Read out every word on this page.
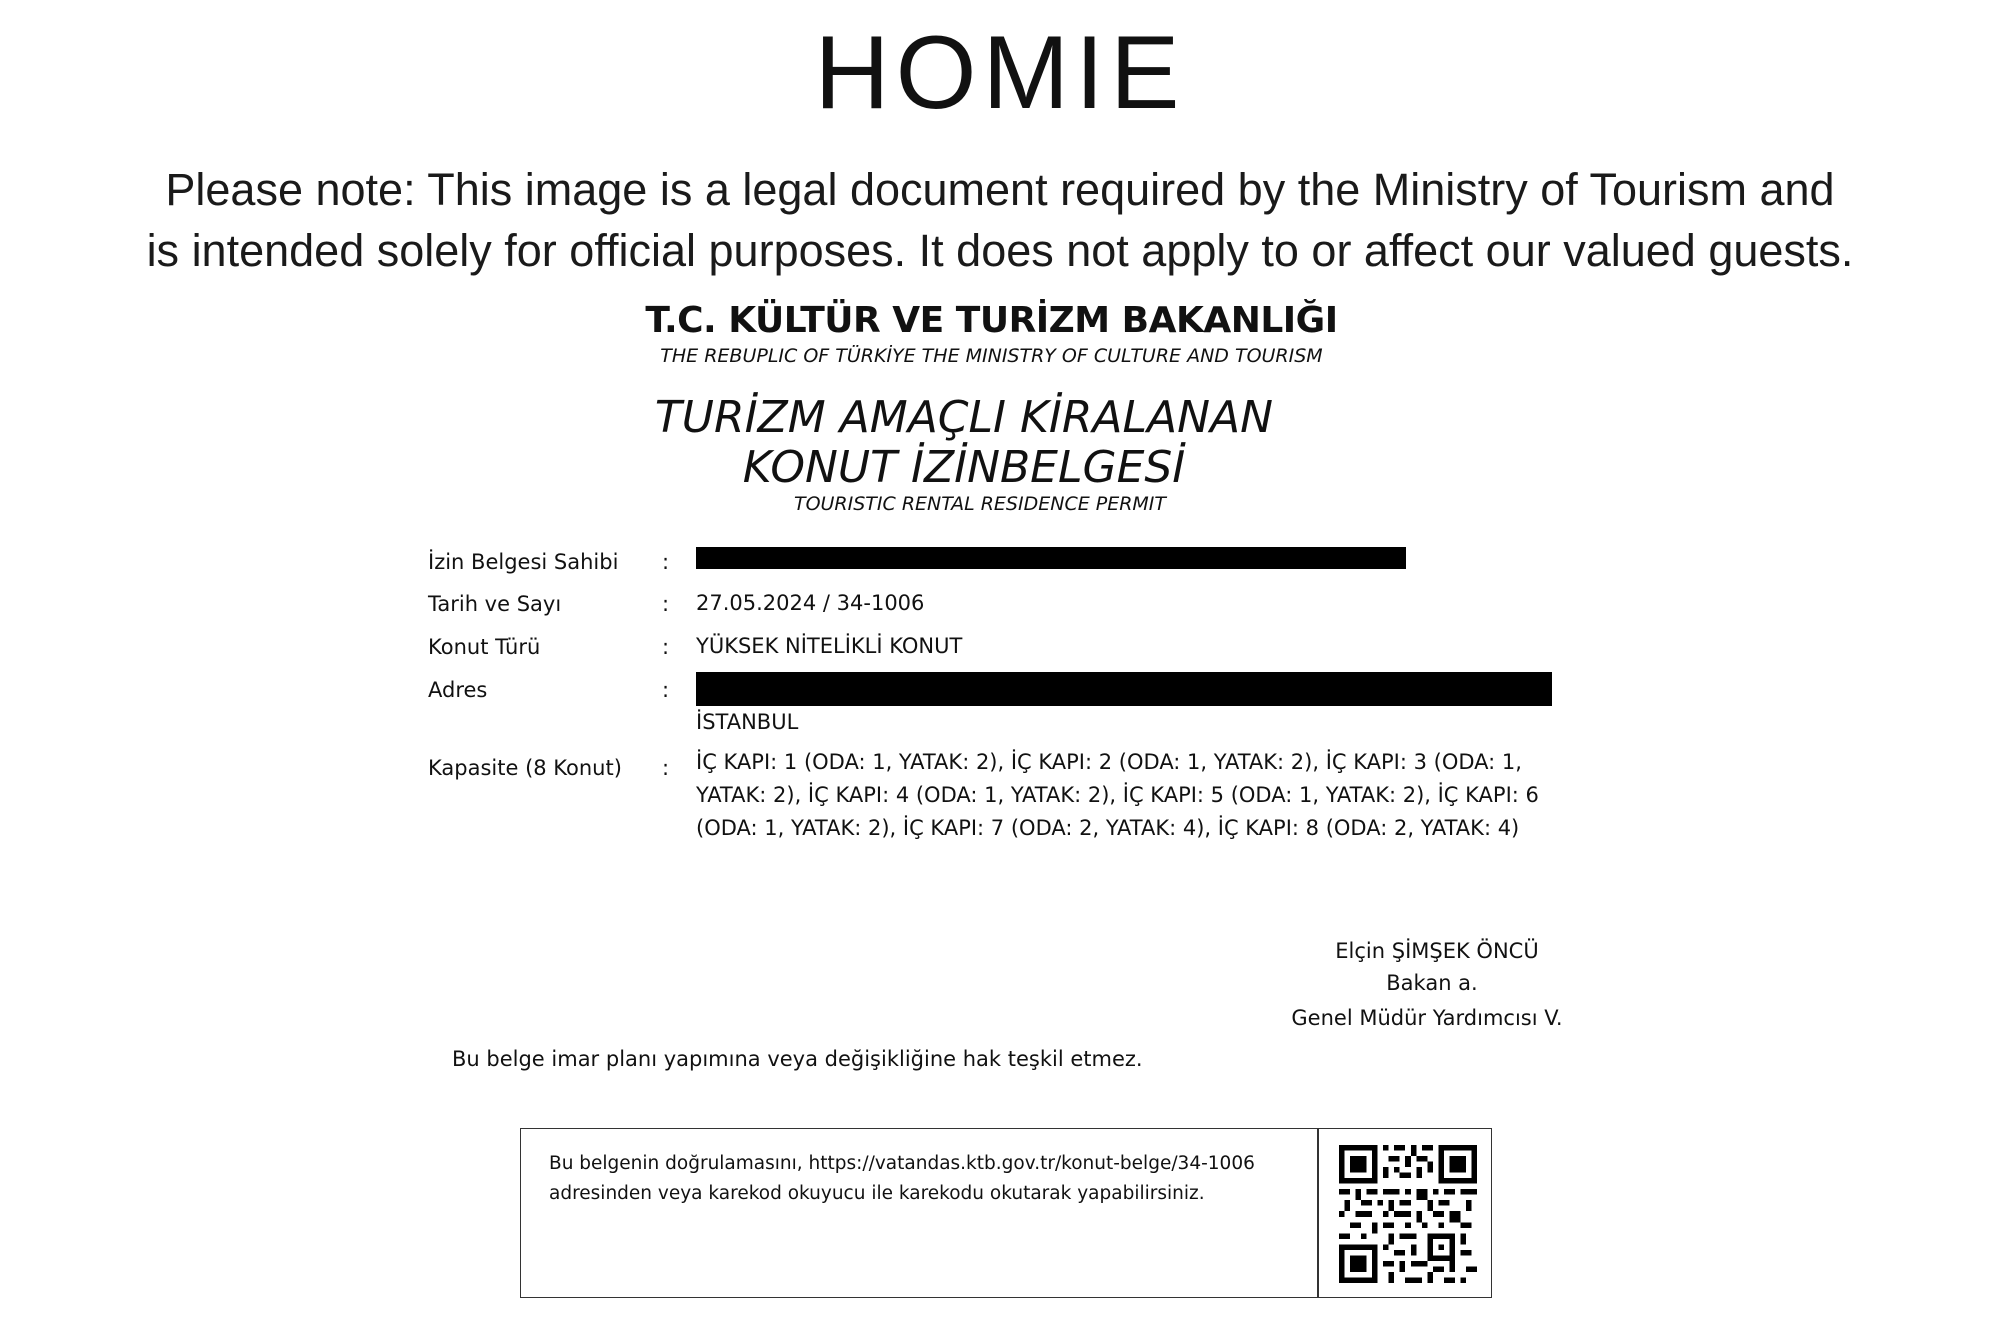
HOMIE
Please note: This image is a legal document required by the Ministry of Tourism and
is intended solely for official purposes. It does not apply to or affect our valued guests.
T.C. KÜLTÜR VE TURİZM BAKANLIĞI
THE REBUPLIC OF TÜRKİYE THE MINISTRY OF CULTURE AND TOURISM
TURİZM AMAÇLI KİRALANAN
KONUT İZİNBELGESİ
TOURISTIC RENTAL RESIDENCE PERMIT
İzin Belgesi Sahibi :
Tarih ve Sayı	: 27.05.2024 / 34-1006
Konut Türü	: YÜKSEK NİTELİKLİ KONUT
Adres	:
İSTANBUL
Kapasite (8 Konut) : İÇ KAPI: 1 (ODA: 1, YATAK: 2), İÇ KAPI: 2 (ODA: 1, YATAK: 2), İÇ KAPI: 3 (ODA: 1,
YATAK: 2), İÇ KAPI: 4 (ODA: 1, YATAK: 2), İÇ KAPI: 5 (ODA: 1, YATAK: 2), İÇ KAPI: 6
(ODA: 1, YATAK: 2), İÇ KAPI: 7 (ODA: 2, YATAK: 4), İÇ KAPI: 8 (ODA: 2, YATAK: 4)
Elçin ŞİMŞEK ÖNCÜ
Bakan a.
Genel Müdür Yardımcısı V.
Bu belge imar planı yapımına veya değişikliğine hak teşkil etmez.
Bu belgenin doğrulamasını, https://vatandas.ktb.gov.tr/konut-belge/34-1006
adresinden veya karekod okuyucu ile karekodu okutarak yapabilirsiniz.
